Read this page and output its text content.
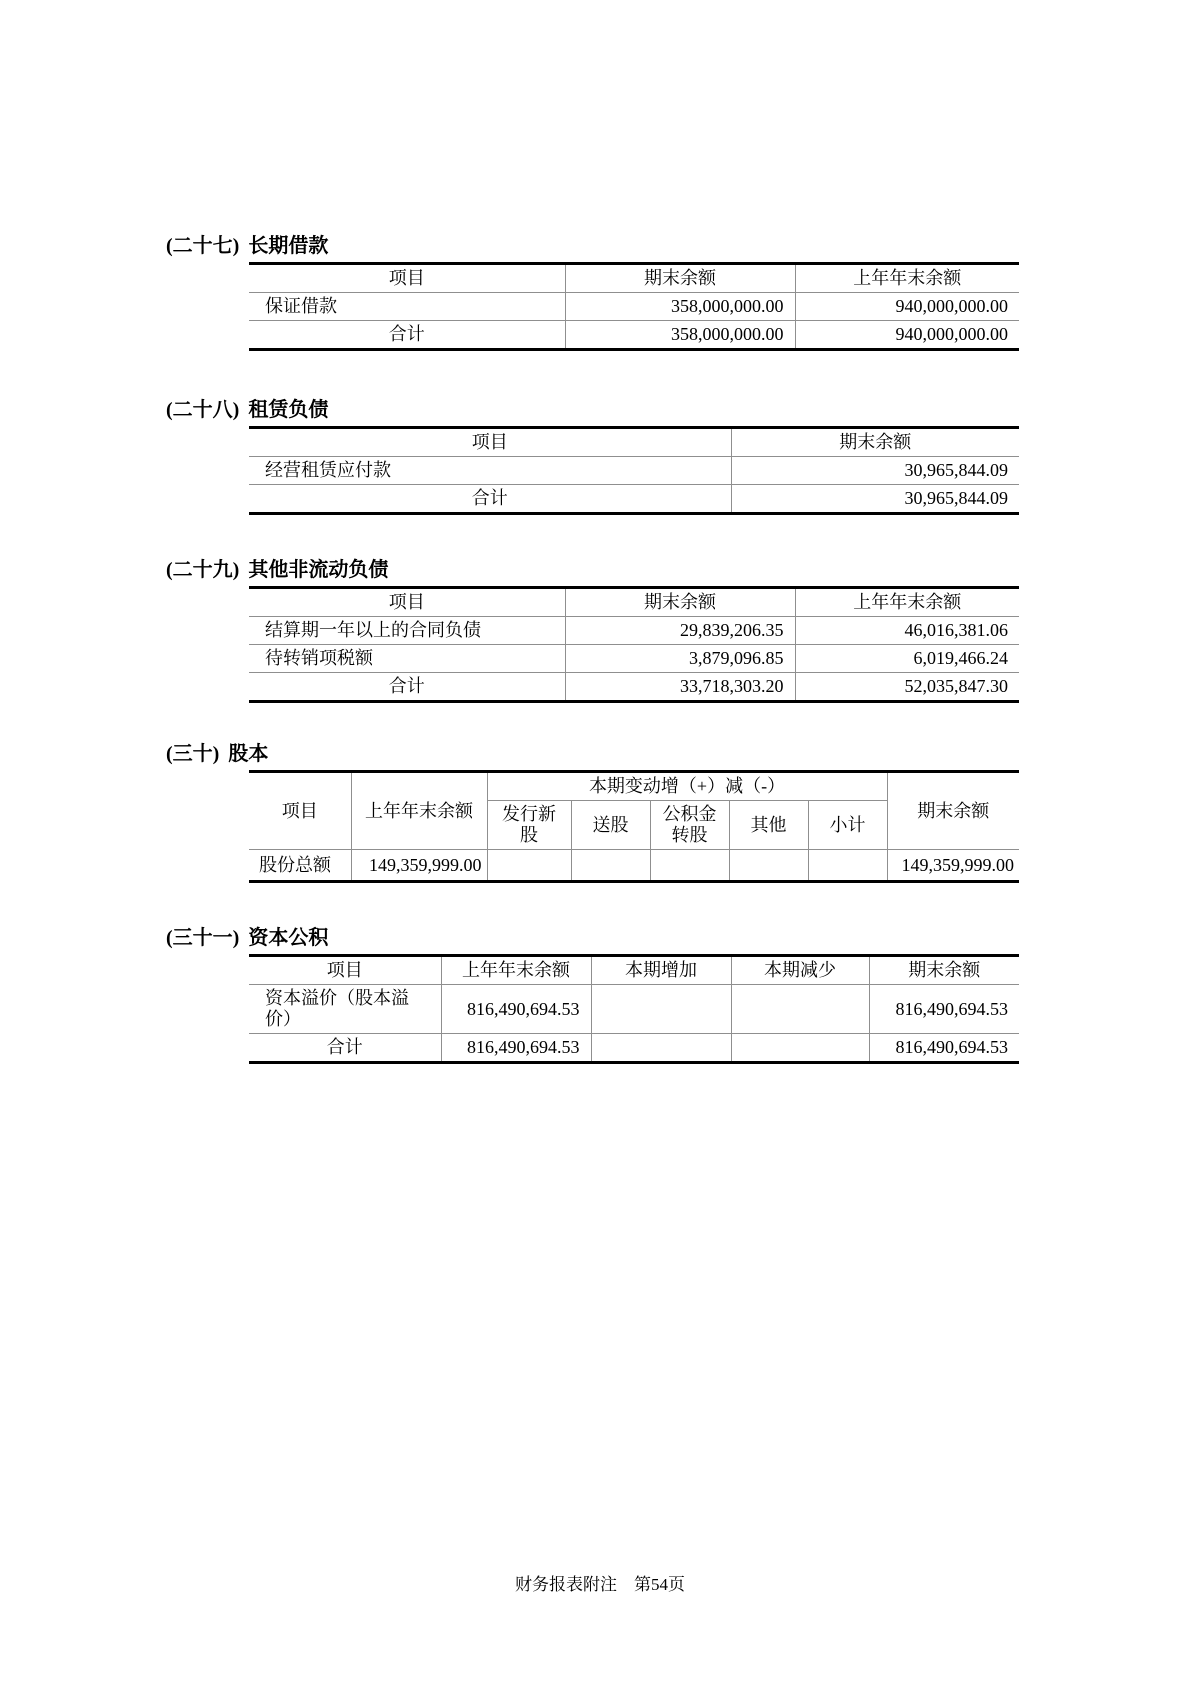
(二十七) 长期借款
项目	期末余额	上年年末余额
保证借款	358,000,000.00	940,000,000.00
合计	358,000,000.00	940,000,000.00
(二十八) 租赁负债
项目	期末余额
经营租赁应付款	30,965,844.09
合计	30,965,844.09
(二十九) 其他非流动负债
项目	期末余额	上年年末余额
结算期一年以上的合同负债	29,839,206.35	46,016,381.06
待转销项税额	3,879,096.85	6,019,466.24
合计	33,718,303.20	52,035,847.30
(三十) 股本
项目	上年年末余额	本期变动增（+）减（-）					期末余额
		发行新股	送股	公积金转股	其他	小计	
股份总额	149,359,999.00						149,359,999.00
(三十一) 资本公积
项目	上年年末余额	本期增加	本期减少	期末余额
资本溢价（股本溢价）	816,490,694.53			816,490,694.53
合计	816,490,694.53			816,490,694.53
财务报表附注　第54页
